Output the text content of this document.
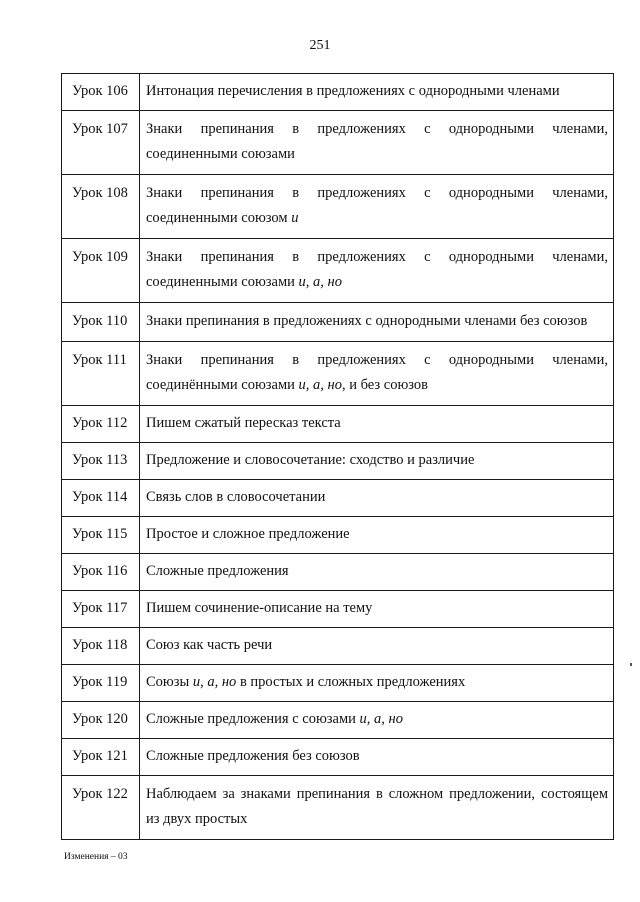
251
Урок 106	Интонация перечисления в предложениях с однородными членами
Урок 107	Знаки препинания в предложениях с однородными членами, соединенными союзами
Урок 108	Знаки препинания в предложениях с однородными членами, соединенными союзом и
Урок 109	Знаки препинания в предложениях с однородными членами, соединенными союзами и, а, но
Урок 110	Знаки препинания в предложениях с однородными членами без союзов
Урок 111	Знаки препинания в предложениях с однородными членами, соединёнными союзами и, а, но, и без союзов
Урок 112	Пишем сжатый пересказ текста
Урок 113	Предложение и словосочетание: сходство и различие
Урок 114	Связь слов в словосочетании
Урок 115	Простое и сложное предложение
Урок 116	Сложные предложения
Урок 117	Пишем сочинение-описание на тему
Урок 118	Союз как часть речи
Урок 119	Союзы и, а, но в простых и сложных предложениях
Урок 120	Сложные предложения с союзами и, а, но
Урок 121	Сложные предложения без союзов
Урок 122	Наблюдаем за знаками препинания в сложном предложении, состоящем из двух простых
Изменения – 03
